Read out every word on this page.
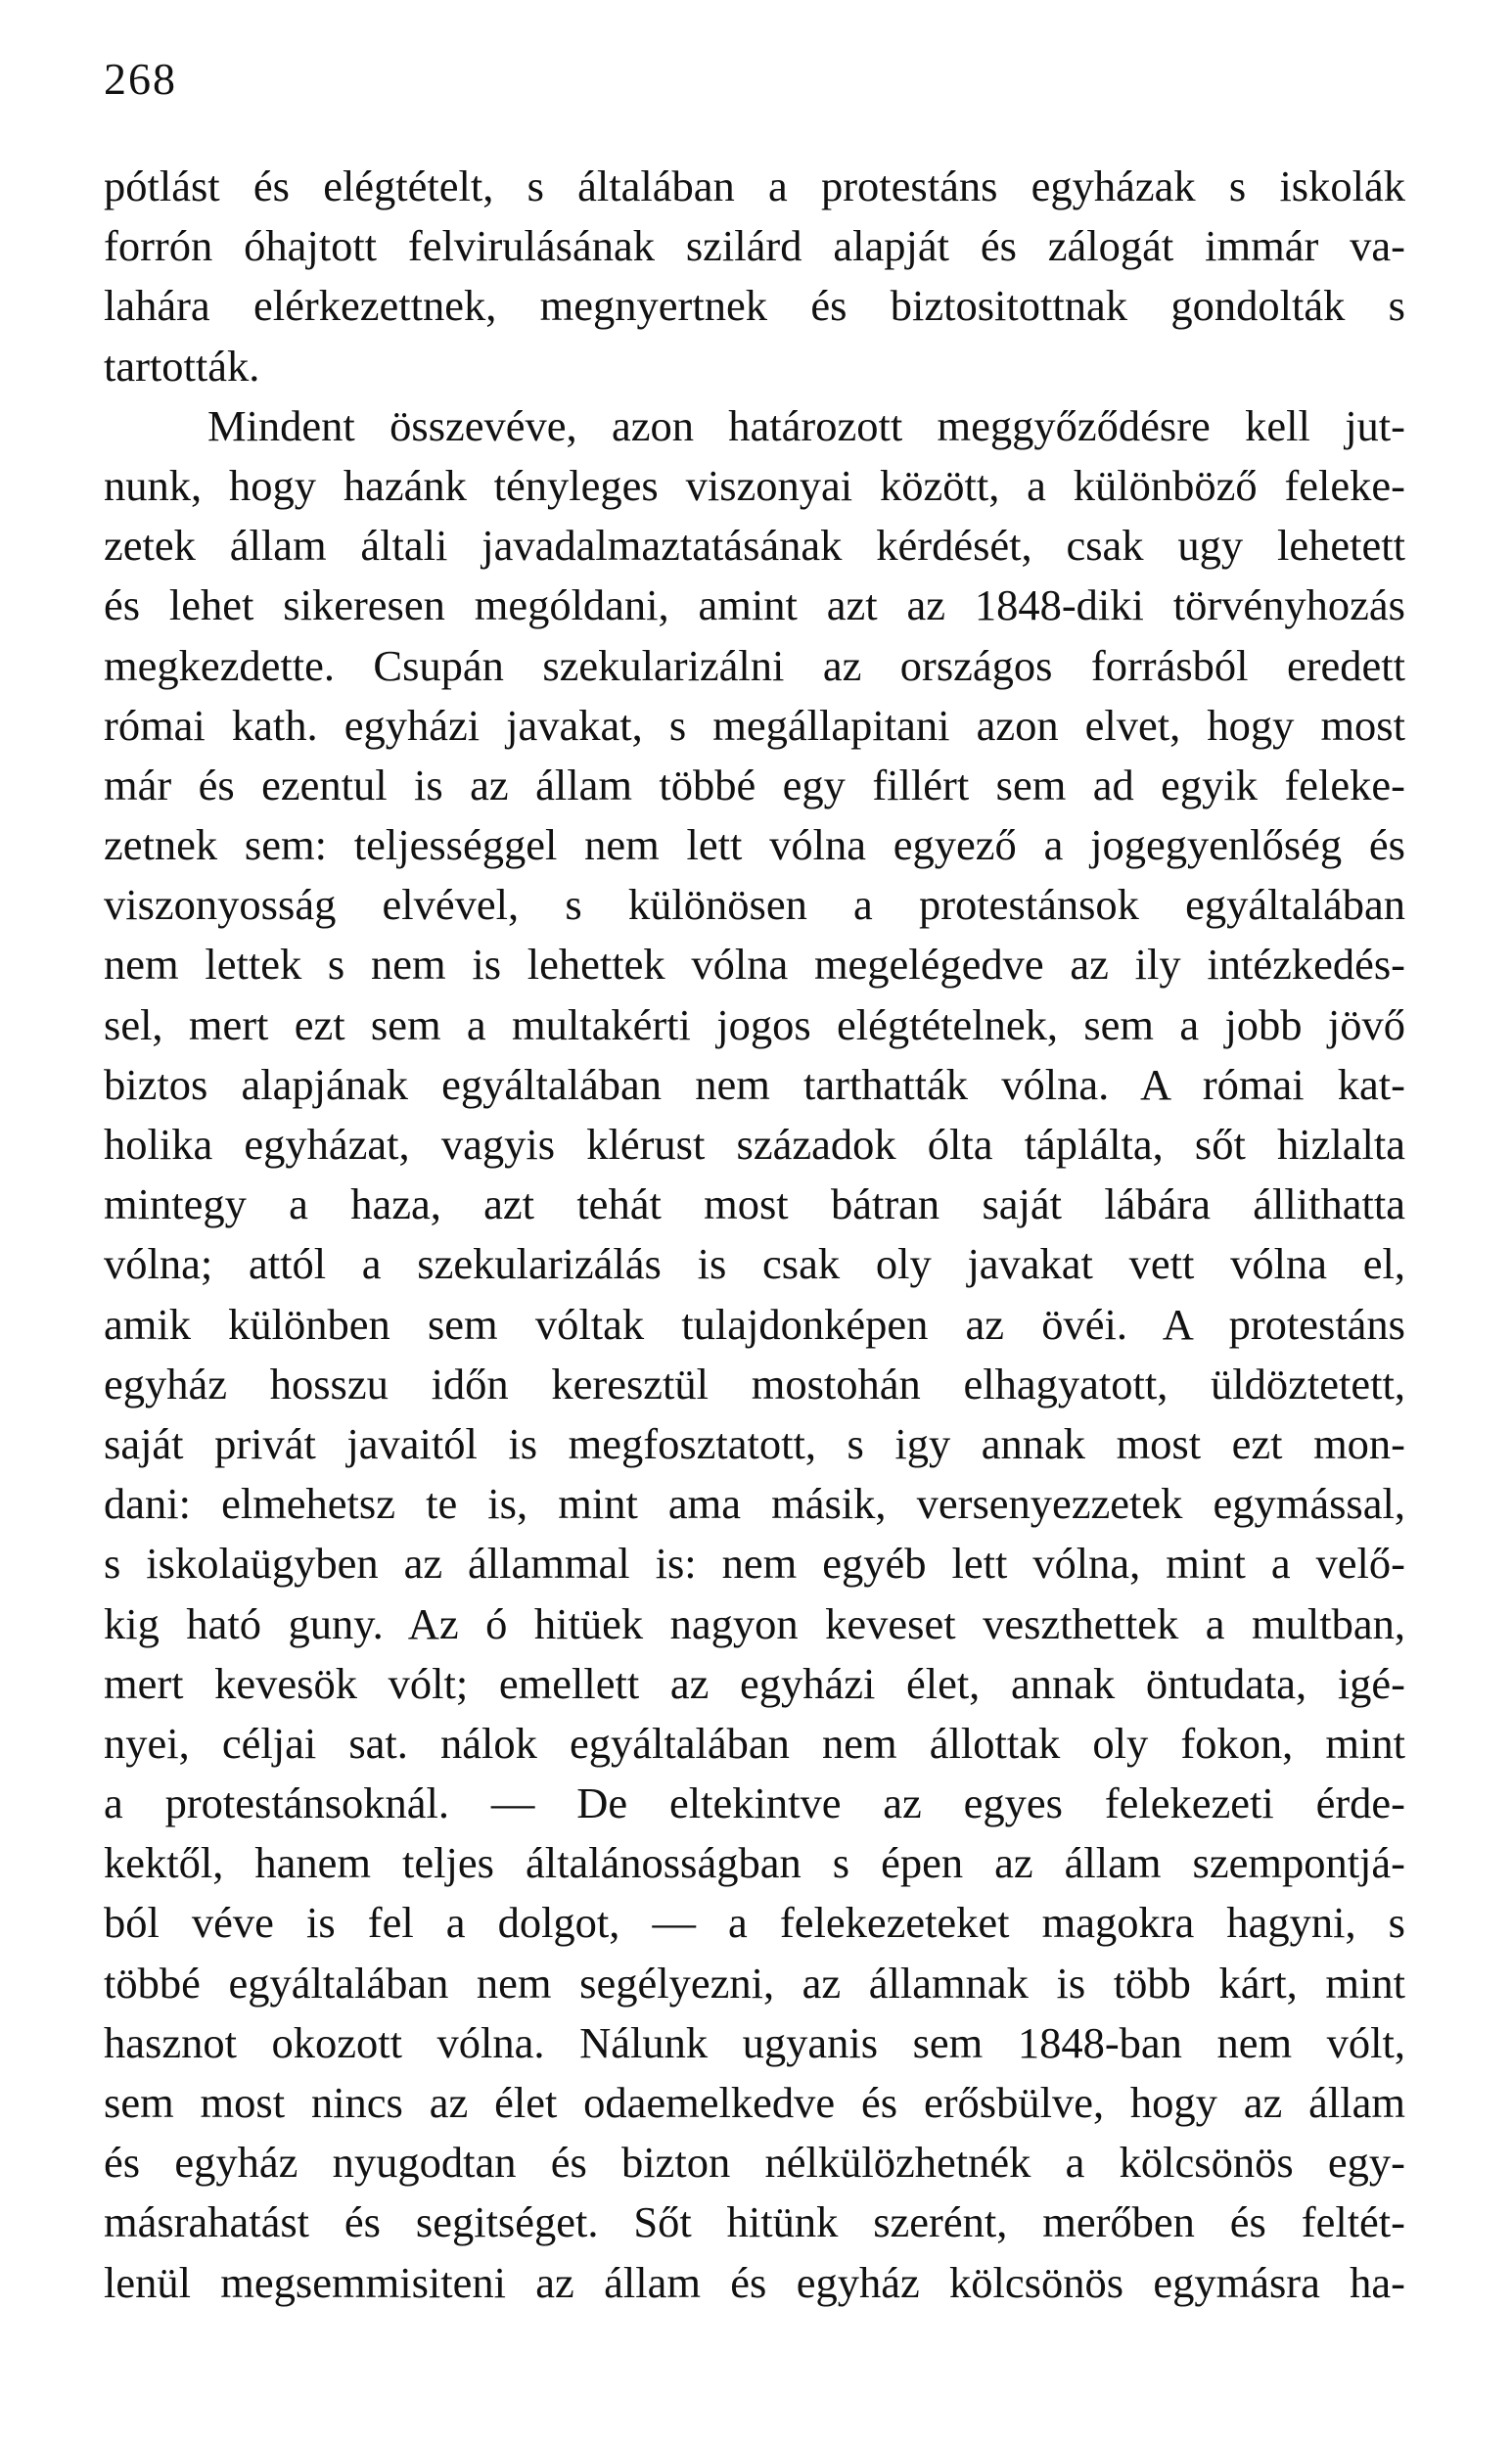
268
pótlást és elégtételt, s általában a protestáns egyházak s iskolák
forrón óhajtott felvirulásának szilárd alapját és zálogát immár va-
lahára elérkezettnek, megnyertnek és biztositottnak gondolták s
tartották.
Mindent összevéve, azon határozott meggyőződésre kell jut-
nunk, hogy hazánk tényleges viszonyai között, a különböző feleke-
zetek állam általi javadalmaztatásának kérdését, csak ugy lehetett
és lehet sikeresen mególdani, amint azt az 1848-diki törvényhozás
megkezdette. Csupán szekularizálni az országos forrásból eredett
római kath. egyházi javakat, s megállapitani azon elvet, hogy most
már és ezentul is az állam többé egy fillért sem ad egyik feleke-
zetnek sem: teljességgel nem lett vólna egyező a jogegyenlőség és
viszonyosság elvével, s különösen a protestánsok egyáltalában
nem lettek s nem is lehettek vólna megelégedve az ily intézkedés-
sel, mert ezt sem a multakérti jogos elégtételnek, sem a jobb jövő
biztos alapjának egyáltalában nem tarthatták vólna. A római kat-
holika egyházat, vagyis klérust századok ólta táplálta, sőt hizlalta
mintegy a haza, azt tehát most bátran saját lábára állithatta
vólna; attól a szekularizálás is csak oly javakat vett vólna el,
amik különben sem vóltak tulajdonképen az övéi. A protestáns
egyház hosszu időn keresztül mostohán elhagyatott, üldöztetett,
saját privát javaitól is megfosztatott, s igy annak most ezt mon-
dani: elmehetsz te is, mint ama másik, versenyezzetek egymással,
s iskolaügyben az állammal is: nem egyéb lett vólna, mint a velő-
kig ható guny. Az ó hitüek nagyon keveset veszthettek a multban,
mert kevesök vólt; emellett az egyházi élet, annak öntudata, igé-
nyei, céljai sat. nálok egyáltalában nem állottak oly fokon, mint
a protestánsoknál. — De eltekintve az egyes felekezeti érde-
kektől, hanem teljes általánosságban s épen az állam szempontjá-
ból véve is fel a dolgot, — a felekezeteket magokra hagyni, s
többé egyáltalában nem segélyezni, az államnak is több kárt, mint
hasznot okozott vólna. Nálunk ugyanis sem 1848-ban nem vólt,
sem most nincs az élet odaemelkedve és erősbülve, hogy az állam
és egyház nyugodtan és bizton nélkülözhetnék a kölcsönös egy-
másrahatást és segitséget. Sőt hitünk szerént, merőben és feltét-
lenül megsemmisiteni az állam és egyház kölcsönös egymásra ha-
